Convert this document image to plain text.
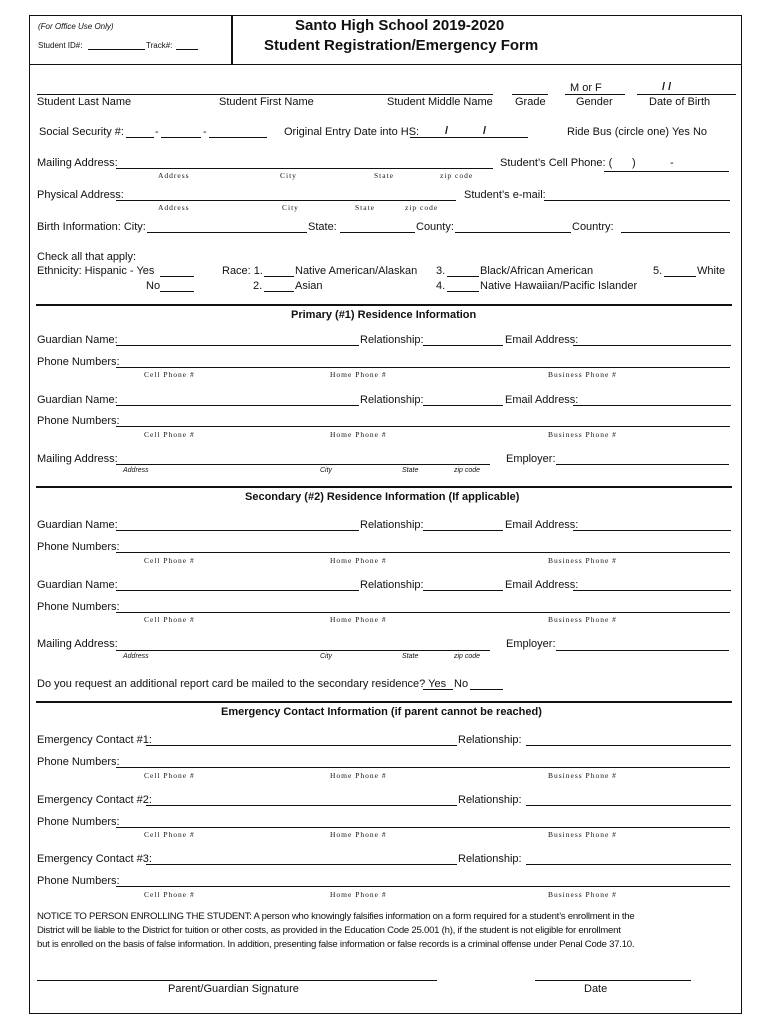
(For Office Use Only)
Student ID#:	Track#:
Santo High School 2019-2020
Student Registration/Emergency Form
M or F	/ /
Student Last Name	Student First Name	Student Middle Name Grade	Gender	Date of Birth
Social Security #:	-	-	Original Entry Date into HS: /	/	Ride Bus (circle one) Yes No
Mailing Address:
Address	City	State	zip code
Student’s Cell Phone: ( )	-
Physical Address:
Address	City	State	zip code
Student’s e-mail:
Birth Information: City:	State:	County:	Country:
Check all that apply:
Ethnicity: Hispanic - Yes
No
Race: 1.	Native American/Alaskan
2.	Asian
3.	Black/African American
4.	Native Hawaiian/Pacific Islander
5.	White
Primary (#1) Residence Information
Guardian Name:	Relationship:	Email Address:
Phone Numbers:
Cell Phone #	Home Phone #	Business Phone #
Guardian Name:	Relationship:	Email Address:
Phone Numbers:
Cell Phone #	Home Phone #	Business Phone #
Mailing Address:
Address	City	State	zip code
Employer:
Secondary (#2) Residence Information (If applicable)
Guardian Name:	Relationship:	Email Address:
Phone Numbers:
Cell Phone #	Home Phone #	Business Phone #
Guardian Name:	Relationship:	Email Address:
Phone Numbers:
Cell Phone #	Home Phone #	Business Phone #
Mailing Address:
Address	City	State	zip code
Employer:
Do you request an additional report card be mailed to the secondary residence? Yes No
Emergency Contact Information (if parent cannot be reached)
Emergency Contact #1:	Relationship:
Phone Numbers:
Cell Phone #	Home Phone #	Business Phone #
Emergency Contact #2:	Relationship:
Phone Numbers:
Cell Phone #	Home Phone #	Business Phone #
Emergency Contact #3:	Relationship:
Phone Numbers:
Cell Phone #	Home Phone #	Business Phone #
NOTICE TO PERSON ENROLLING THE STUDENT: A person who knowingly falsifies information on a form required for a student’s enrollment in the
District will be liable to the District for tuition or other costs, as provided in the Education Code 25.001 (h), if the student is not eligible for enrollment
but is enrolled on the basis of false information. In addition, presenting false information or false records is a criminal offense under Penal Code 37.10.
Parent/Guardian Signature	Date
